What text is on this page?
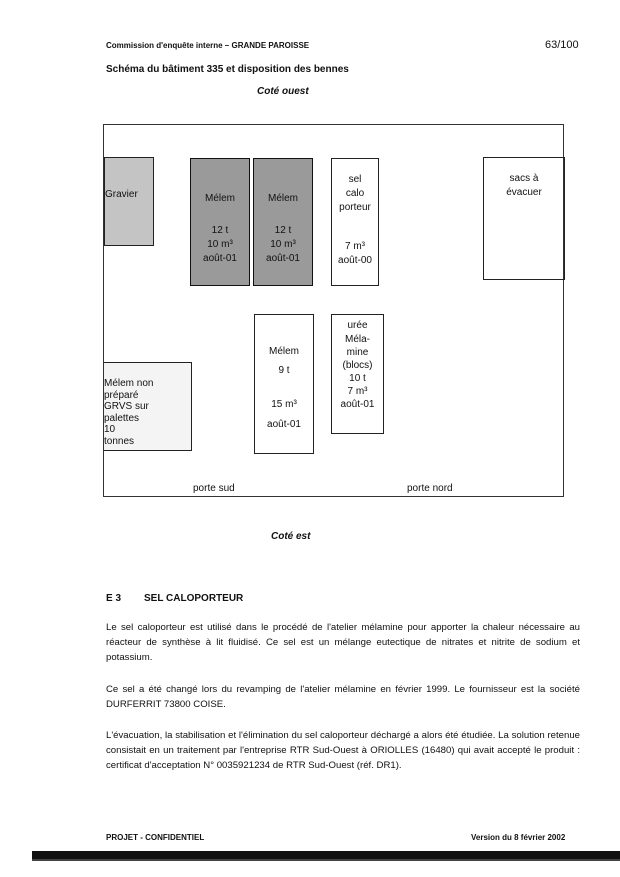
Commission d'enquête interne – GRANDE PAROISSE	63/100
Schéma du bâtiment 335 et disposition des bennes
Coté ouest
Gravier	Mélem
12 t
10 m³
août-01
Mélem
12 t
10 m³
août-01
sel
calo
porteur
7 m³
août-00
sacs à
évacuer
Mélem
9 t
15 m³
août-01
urée
Méla-
mine
(blocs)
10 t
7 m³
août-01
Mélem non
préparé
GRVS sur
palettes
10
tonnes
porte sud	porte nord
Coté est
E 3 SEL CALOPORTEUR
Le sel caloporteur est utilisé dans le procédé de l'atelier mélamine pour apporter la chaleur nécessaire au réacteur de synthèse à lit fluidisé. Ce sel est un mélange eutectique de nitrates et nitrite de sodium et potassium.
Ce sel a été changé lors du revamping de l'atelier mélamine en février 1999. Le fournisseur est la société DURFERRIT 73800 COISE.
L'évacuation, la stabilisation et l'élimination du sel caloporteur déchargé a alors été étudiée. La solution retenue consistait en un traitement par l'entreprise RTR Sud-Ouest à ORIOLLES (16480) qui avait accepté le produit : certificat d'acceptation N° 0035921234 de RTR Sud-Ouest (réf. DR1).
PROJET - CONFIDENTIEL	Version du 8 février 2002
